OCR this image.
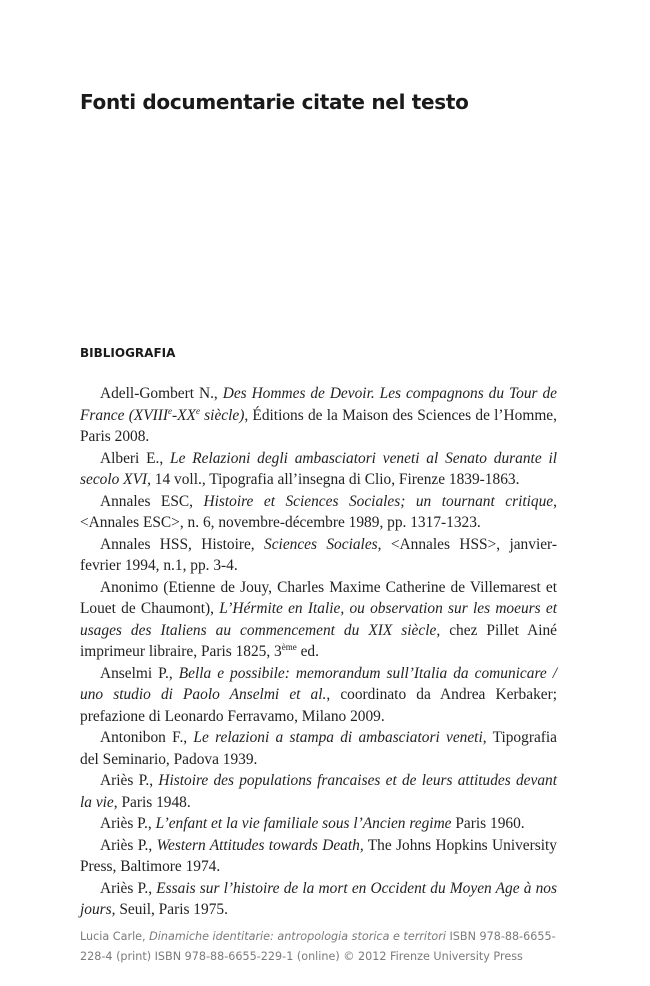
Fonti documentarie citate nel testo
BIBLIOGRAFIA
Adell-Gombert N., Des Hommes de Devoir. Les compagnons du Tour de France (XVIIIe-XXe siècle), Éditions de la Maison des Sciences de l’Homme, Paris 2008.
Alberi E., Le Relazioni degli ambasciatori veneti al Senato durante il secolo XVI, 14 voll., Tipografia all’insegna di Clio, Firenze 1839-1863.
Annales ESC, Histoire et Sciences Sociales; un tournant critique, <Annales ESC>, n. 6, novembre-décembre 1989, pp. 1317-1323.
Annales HSS, Histoire, Sciences Sociales, <Annales HSS>, janvier-fevrier 1994, n.1, pp. 3-4.
Anonimo (Etienne de Jouy, Charles Maxime Catherine de Villemarest et Louet de Chaumont), L’Hérmite en Italie, ou observation sur les moeurs et usages des Italiens au commencement du XIX siècle, chez Pillet Ainé imprimeur libraire, Paris 1825, 3ème ed.
Anselmi P., Bella e possibile: memorandum sull’Italia da comunicare / uno studio di Paolo Anselmi et al., coordinato da Andrea Kerbaker; prefazione di Leonardo Ferravamo, Milano 2009.
Antonibon F., Le relazioni a stampa di ambasciatori veneti, Tipografia del Seminario, Padova 1939.
Ariès P., Histoire des populations francaises et de leurs attitudes devant la vie, Paris 1948.
Ariès P., L’enfant et la vie familiale sous l’Ancien regime Paris 1960.
Ariès P., Western Attitudes towards Death, The Johns Hopkins University Press, Baltimore 1974.
Ariès P., Essais sur l’histoire de la mort en Occident du Moyen Age à nos jours, Seuil, Paris 1975.

Lucia Carle, Dinamiche identitarie: antropologia storica e territori ISBN 978-88-6655-228-4 (print) ISBN 978-88-6655-229-1 (online) © 2012 Firenze University Press
